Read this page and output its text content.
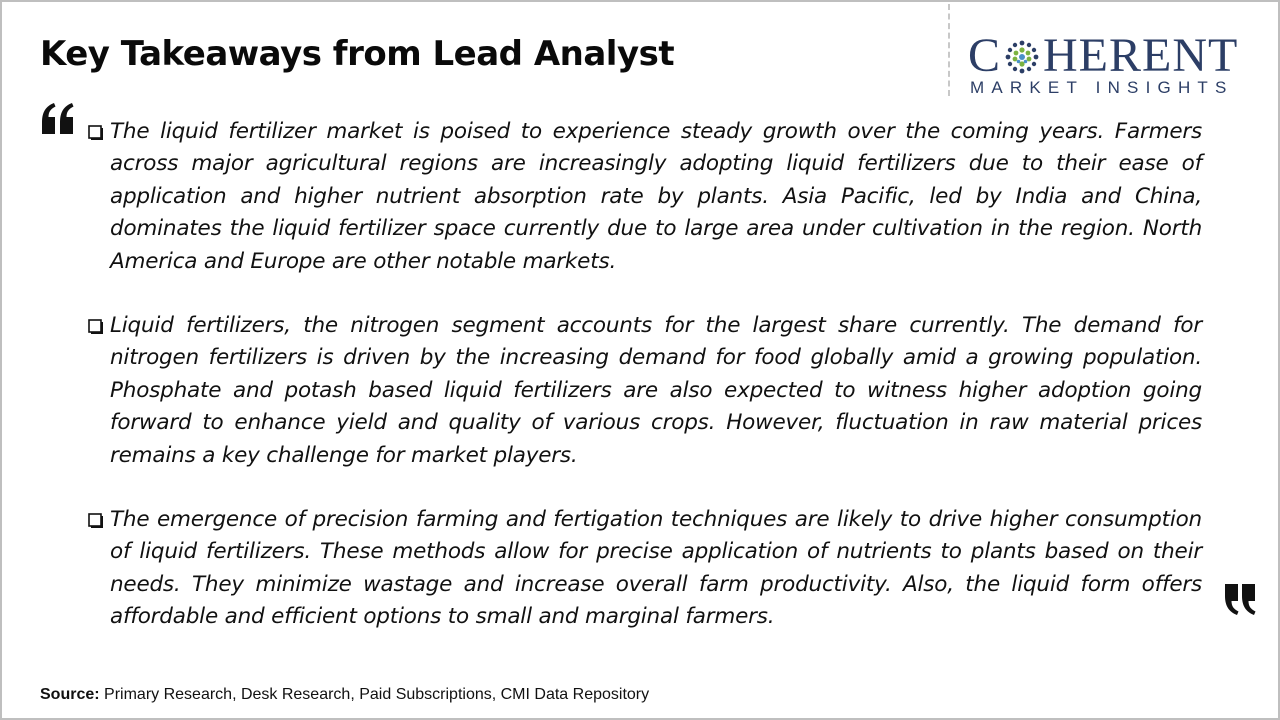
Key Takeaways from Lead Analyst	C HERENT
MARKET INSIGHTS

The liquid fertilizer market is poised to experience steady growth over the coming years. Farmers across major agricultural regions are increasingly adopting liquid fertilizers due to their ease of application and higher nutrient absorption rate by plants. Asia Pacific, led by India and China, dominates the liquid fertilizer space currently due to large area under cultivation in the region. North America and Europe are other notable markets.

Liquid fertilizers, the nitrogen segment accounts for the largest share currently. The demand for nitrogen fertilizers is driven by the increasing demand for food globally amid a growing population. Phosphate and potash based liquid fertilizers are also expected to witness higher adoption going forward to enhance yield and quality of various crops. However, fluctuation in raw material prices remains a key challenge for market players.

The emergence of precision farming and fertigation techniques are likely to drive higher consumption of liquid fertilizers. These methods allow for precise application of nutrients to plants based on their needs. They minimize wastage and increase overall farm productivity. Also, the liquid form offers affordable and efficient options to small and marginal farmers.

Source: Primary Research, Desk Research, Paid Subscriptions, CMI Data Repository
